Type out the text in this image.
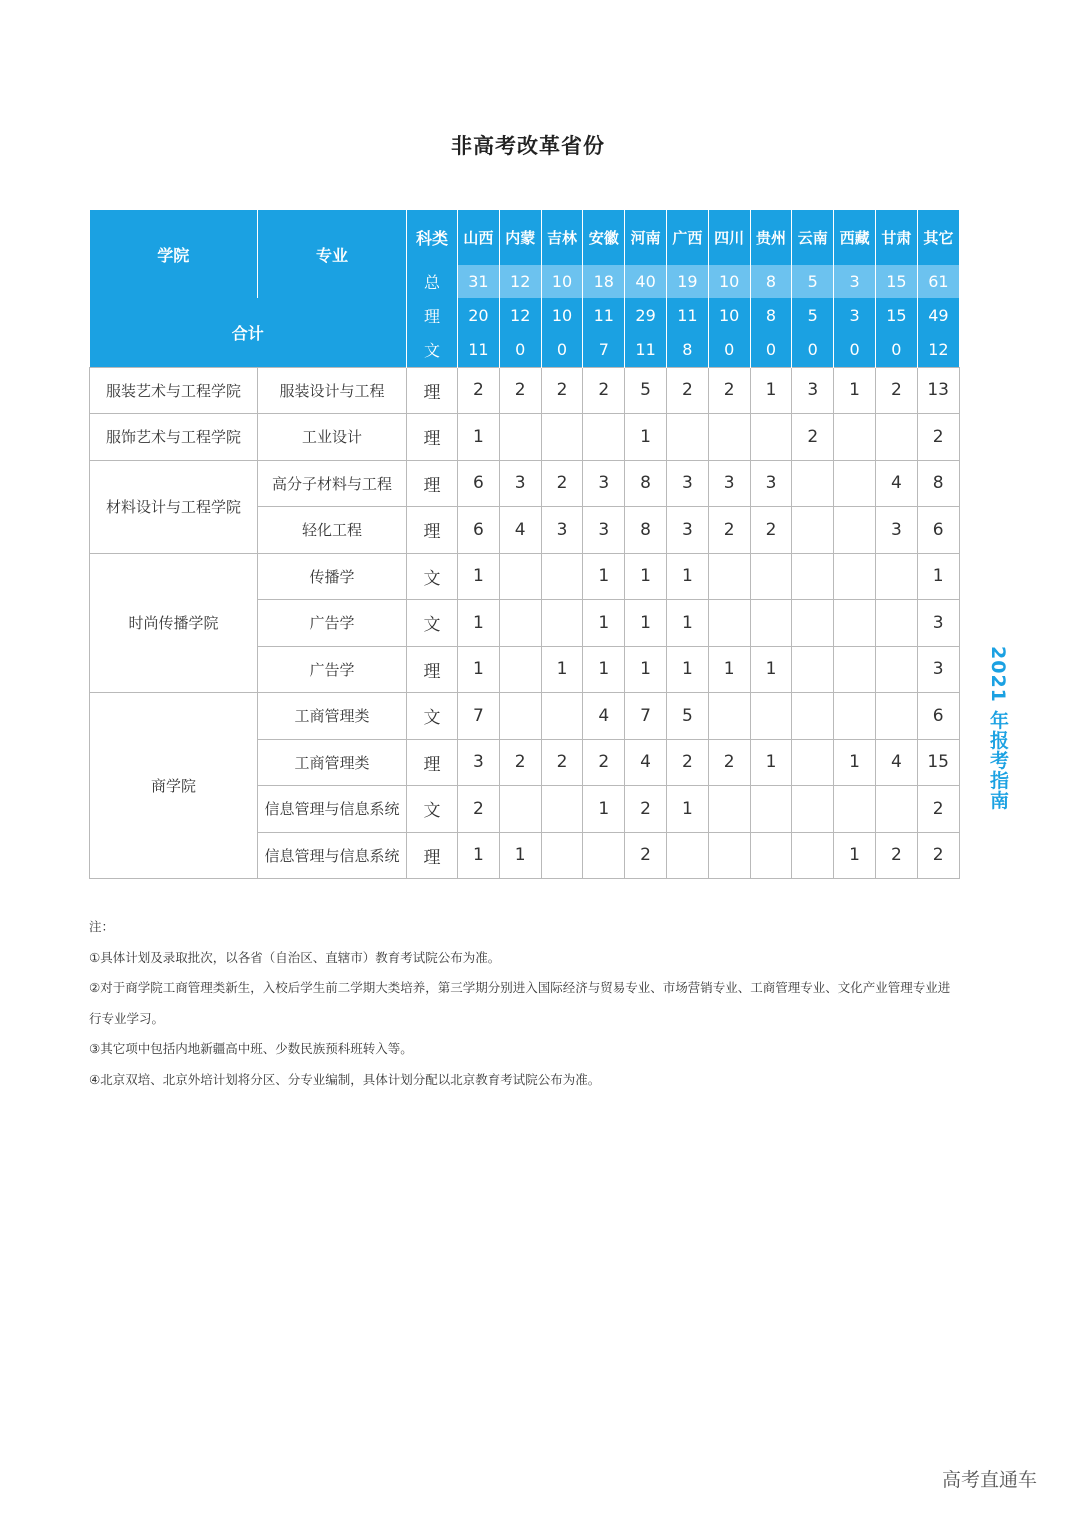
非高考改革省份
学院	专业	科类	山西	内蒙	吉林	安徽	河南	广西	四川	贵州	云南	西藏	甘肃	其它
		总	31	12	10	18	40	19	10	8	5	3	15	61
合计		理	20	12	10	11	29	11	10	8	5	3	15	49
		文	11	0	0	7	11	8	0	0	0	0	0	12
服装艺术与工程学院	服装设计与工程	理	2	2	2	2	5	2	2	1	3	1	2	13
服饰艺术与工程学院	工业设计	理	1				1				2			2
材料设计与工程学院	高分子材料与工程	理	6	3	2	3	8	3	3	3			4	8
	轻化工程	理	6	4	3	3	8	3	2	2			3	6
时尚传播学院	传播学	文	1			1	1	1						1
	广告学	文	1			1	1	1						3
	广告学	理	1		1	1	1	1	1	1				3
商学院	工商管理类	文	7			4	7	5						6
	工商管理类	理	3	2	2	2	4	2	2	1		1	4	15
	信息管理与信息系统	文	2			1	2	1						2
	信息管理与信息系统	理	1	1			2					1	2	2
2021 年报考指南
注：
①具体计划及录取批次，以各省（自治区、直辖市）教育考试院公布为准。
②对于商学院工商管理类新生，入校后学生前二学期大类培养，第三学期分别进入国际经济与贸易专业、市场营销专业、工商管理专业、文化产业管理专业进
行专业学习。
③其它项中包括内地新疆高中班、少数民族预科班转入等。
④北京双培、北京外培计划将分区、分专业编制，具体计划分配以北京教育考试院公布为准。
高考直通车
